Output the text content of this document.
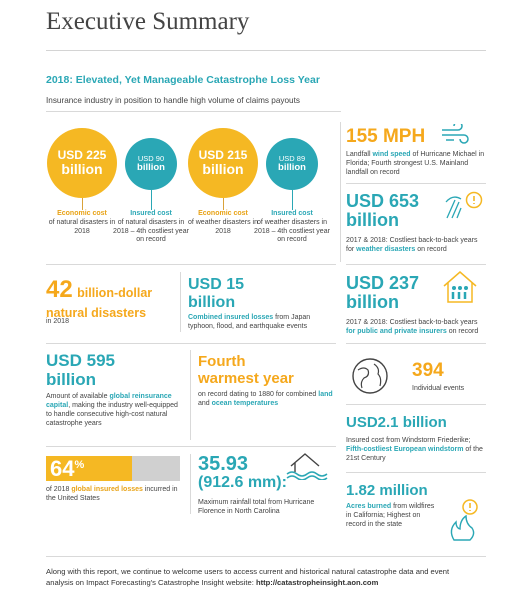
Executive Summary
2018: Elevated, Yet Manageable Catastrophe Loss Year
Insurance industry in position to handle high volume of claims payouts
USD 225
billion
Economic cost
of natural disasters in 2018
USD 90
billion
Insured cost
of natural disasters in 2018 – 4th costliest year on record
USD 215
billion
Economic cost
of weather disasters in 2018
USD 89
billion
Insured cost
of weather disasters in 2018 – 4th costliest year on record
155 MPH
Landfall wind speed of Hurricane Michael in Florida; Fourth strongest U.S. Mainland landfall on record
USD 653
billion
2017 & 2018: Costliest back-to-back years for weather disasters on record
42 billion-dollar natural disasters
in 2018
USD 15
billion
Combined insured losses from Japan typhoon, flood, and earthquake events
USD 237
billion
2017 & 2018: Costliest back-to-back years for public and private insurers on record
USD 595
billion
Amount of available global reinsurance capital, making the industry well-equipped to handle consecutive high-cost natural catastrophe years
Fourth
warmest year
on record dating to 1880 for combined land and ocean temperatures
394
Individual events
USD2.1 billion
Insured cost from Windstorm Friederike; Fifth-costliest European windstorm of the 21st Century
64%
of 2018 global insured losses incurred in the United States
35.93
(912.6 mm):
Maximum rainfall total from Hurricane Florence in North Carolina
1.82 million
Acres burned from wildfires in California; Highest on record in the state
Along with this report, we continue to welcome users to access current and historical natural catastrophe data and event analysis on Impact Forecasting's Catastrophe Insight website: http://catastropheinsight.aon.com
